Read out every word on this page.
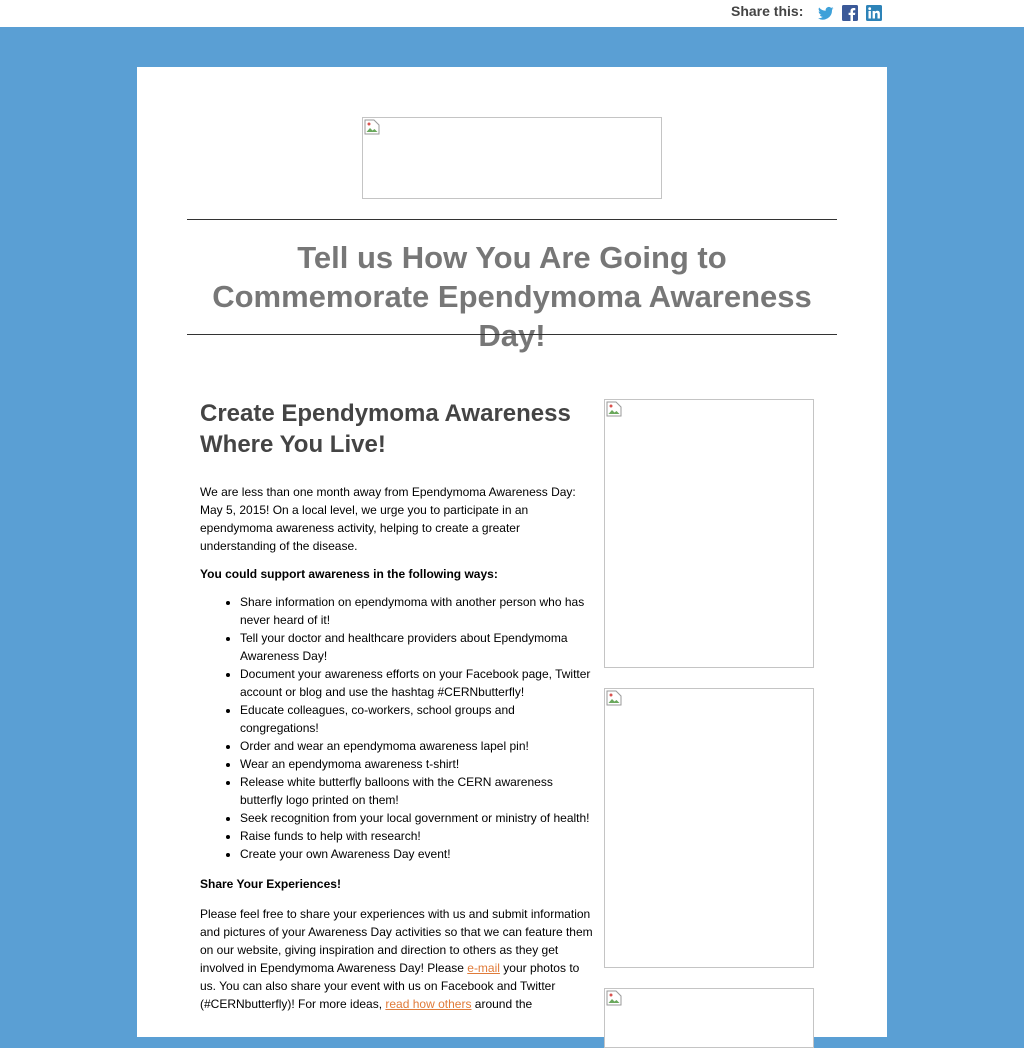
Share this:
Tell us How You Are Going to Commemorate Ependymoma Awareness Day!
Create Ependymoma Awareness Where You Live!

We are less than one month away from Ependymoma Awareness Day: May 5, 2015! On a local level, we urge you to participate in an ependymoma awareness activity, helping to create a greater understanding of the disease.

You could support awareness in the following ways:

• Share information on ependymoma with another person who has never heard of it!
• Tell your doctor and healthcare providers about Ependymoma Awareness Day!
• Document your awareness efforts on your Facebook page, Twitter account or blog and use the hashtag #CERNbutterfly!
• Educate colleagues, co-workers, school groups and congregations!
• Order and wear an ependymoma awareness lapel pin!
• Wear an ependymoma awareness t-shirt!
• Release white butterfly balloons with the CERN awareness butterfly logo printed on them!
• Seek recognition from your local government or ministry of health!
• Raise funds to help with research!
• Create your own Awareness Day event!

Share Your Experiences!

Please feel free to share your experiences with us and submit information and pictures of your Awareness Day activities so that we can feature them on our website, giving inspiration and direction to others as they get involved in Ependymoma Awareness Day! Please e-mail your photos to us. You can also share your event with us on Facebook and Twitter (#CERNbutterfly)! For more ideas, read how others around the
